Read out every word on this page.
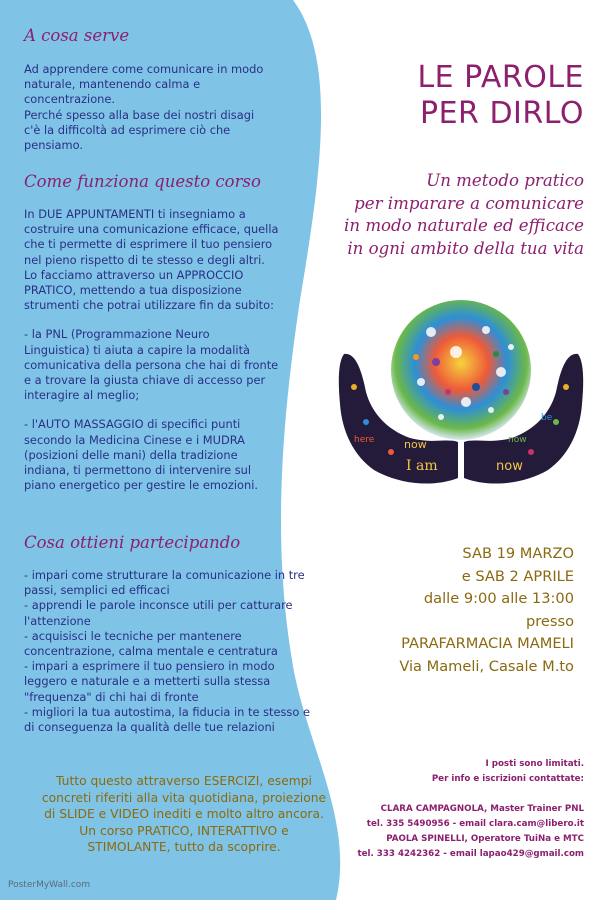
A cosa serve

Ad apprendere come comunicare in modo
naturale, mantenendo calma e
concentrazione.
Perché spesso alla base dei nostri disagi
c'è la difficoltà ad esprimere ciò che
pensiamo.

Come funziona questo corso

In DUE APPUNTAMENTI ti insegniamo a
costruire una comunicazione efficace, quella
che ti permette di esprimere il tuo pensiero
nel pieno rispetto di te stesso e degli altri.
Lo facciamo attraverso un APPROCCIO
PRATICO, mettendo a tua disposizione
strumenti che potrai utilizzare fin da subito:

- la PNL (Programmazione Neuro
Linguistica) ti aiuta a capire la modalità
comunicativa della persona che hai di fronte
e a trovare la giusta chiave di accesso per
interagire al meglio;

- l'AUTO MASSAGGIO di specifici punti
secondo la Medicina Cinese e i MUDRA
(posizioni delle mani) della tradizione
indiana, ti permettono di intervenire sul
piano energetico per gestire le emozioni.

Cosa ottieni partecipando

- impari come strutturare la comunicazione in tre
passi, semplici ed efficaci
- apprendi le parole inconsce utili per catturare
l'attenzione
- acquisisci le tecniche per mantenere
concentrazione, calma mentale e centratura
- impari a esprimere il tuo pensiero in modo
leggero e naturale e a metterti sulla stessa
"frequenza" di chi hai di fronte
- migliori la tua autostima, la fiducia in te stesso e
di conseguenza la qualità delle tue relazioni

Tutto questo attraverso ESERCIZI, esempi
concreti riferiti alla vita quotidiana, proiezione
di SLIDE e VIDEO inediti e molto altro ancora.
Un corso PRATICO, INTERATTIVO e
STIMOLANTE, tutto da scoprire.
LE PAROLE
PER DIRLO
Un metodo pratico
per imparare a comunicare
in modo naturale ed efficace
in ogni ambito della tua vita
now
I am
here
now
now
be
SAB 19 MARZO
e SAB 2 APRILE
dalle 9:00 alle 13:00
presso
PARAFARMACIA MAMELI
Via Mameli, Casale M.to
I posti sono limitati.
Per info e iscrizioni contattate:
CLARA CAMPAGNOLA, Master Trainer PNL
tel. 335 5490956 - email clara.cam@libero.it
PAOLA SPINELLI, Operatore TuiNa e MTC
tel. 333 4242362 - email lapao429@gmail.com
PosterMyWall.com
